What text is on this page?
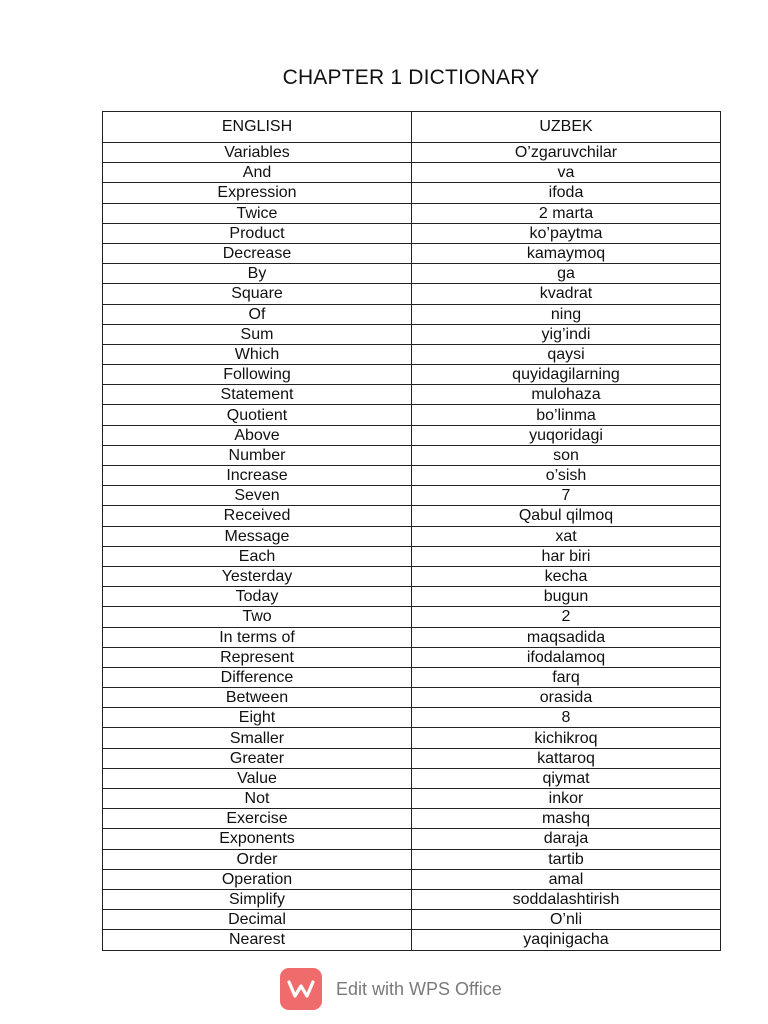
CHAPTER 1 DICTIONARY
ENGLISH	UZBEK
Variables	O’zgaruvchilar
And	va
Expression	ifoda
Twice	2 marta
Product	ko’paytma
Decrease	kamaymoq
By	ga
Square	kvadrat
Of	ning
Sum	yig’indi
Which	qaysi
Following	quyidagilarning
Statement	mulohaza
Quotient	bo’linma
Above	yuqoridagi
Number	son
Increase	o’sish
Seven	7
Received	Qabul qilmoq
Message	xat
Each	har biri
Yesterday	kecha
Today	bugun
Two	2
In terms of	maqsadida
Represent	ifodalamoq
Difference	farq
Between	orasida
Eight	8
Smaller	kichikroq
Greater	kattaroq
Value	qiymat
Not	inkor
Exercise	mashq
Exponents	daraja
Order	tartib
Operation	amal
Simplify	soddalashtirish
Decimal	O’nli
Nearest	yaqinigacha
Edit with WPS Office
